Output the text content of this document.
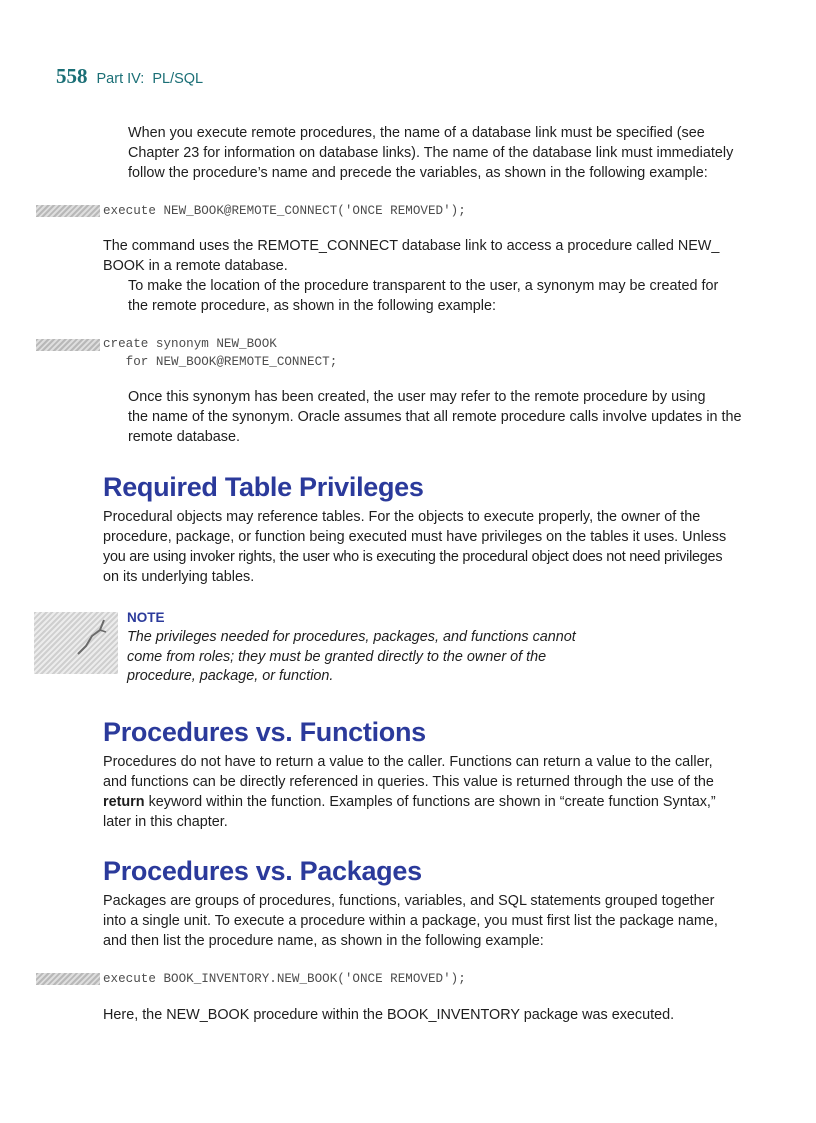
558 Part IV: PL/SQL

When you execute remote procedures, the name of a database link must be specified (see
Chapter 23 for information on database links). The name of the database link must immediately
follow the procedure’s name and precede the variables, as shown in the following example:

execute NEW_BOOK@REMOTE_CONNECT('ONCE REMOVED');

The command uses the REMOTE_CONNECT database link to access a procedure called NEW_
BOOK in a remote database.

To make the location of the procedure transparent to the user, a synonym may be created for
the remote procedure, as shown in the following example:

create synonym NEW_BOOK
for NEW_BOOK@REMOTE_CONNECT;

Once this synonym has been created, the user may refer to the remote procedure by using
the name of the synonym. Oracle assumes that all remote procedure calls involve updates in the
remote database.

Required Table Privileges

Procedural objects may reference tables. For the objects to execute properly, the owner of the
procedure, package, or function being executed must have privileges on the tables it uses. Unless
you are using invoker rights, the user who is executing the procedural object does not need privileges
on its underlying tables.

NOTE

The privileges needed for procedures, packages, and functions cannot
come from roles; they must be granted directly to the owner of the
procedure, package, or function.

Procedures vs. Functions

Procedures do not have to return a value to the caller. Functions can return a value to the caller,
and functions can be directly referenced in queries. This value is returned through the use of the
return keyword within the function. Examples of functions are shown in “create function Syntax,”
later in this chapter.

Procedures vs. Packages

Packages are groups of procedures, functions, variables, and SQL statements grouped together
into a single unit. To execute a procedure within a package, you must first list the package name,
and then list the procedure name, as shown in the following example:

execute BOOK_INVENTORY.NEW_BOOK('ONCE REMOVED');

Here, the NEW_BOOK procedure within the BOOK_INVENTORY package was executed.
